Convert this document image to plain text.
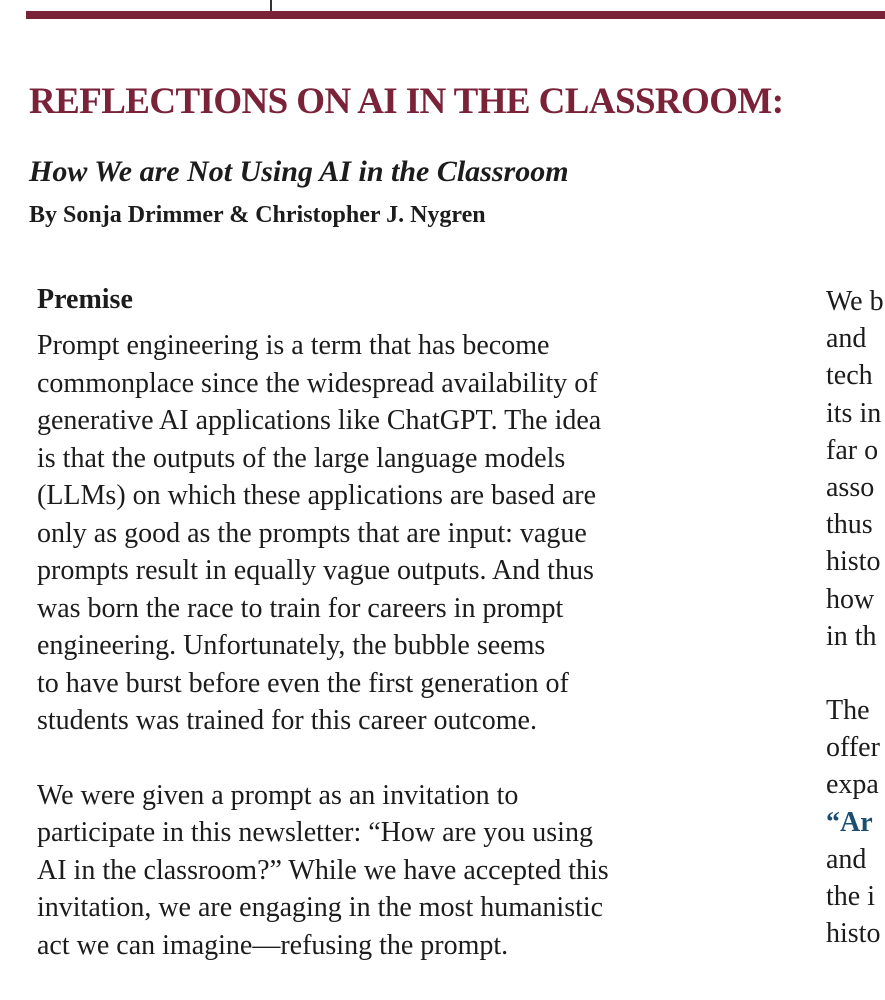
REFLECTIONS ON AI IN THE CLASSROOM:
How We are Not Using AI in the Classroom

By Sonja Drimmer & Christopher J. Nygren

Premise

Prompt engineering is a term that has become
commonplace since the widespread availability of
generative AI applications like ChatGPT. The idea
is that the outputs of the large language models
(LLMs) on which these applications are based are
only as good as the prompts that are input: vague
prompts result in equally vague outputs. And thus
was born the race to train for careers in prompt
engineering. Unfortunately, the bubble seems
to have burst before even the first generation of
students was trained for this career outcome.

We were given a prompt as an invitation to
participate in this newsletter: “How are you using
AI in the classroom?” While we have accepted this
invitation, we are engaging in the most humanistic
act we can imagine—refusing the prompt.

We b
and
tech
its in
far o
asso
thus
histo
how
in th
The
offer
expa
“Ar
and
the i
histo
